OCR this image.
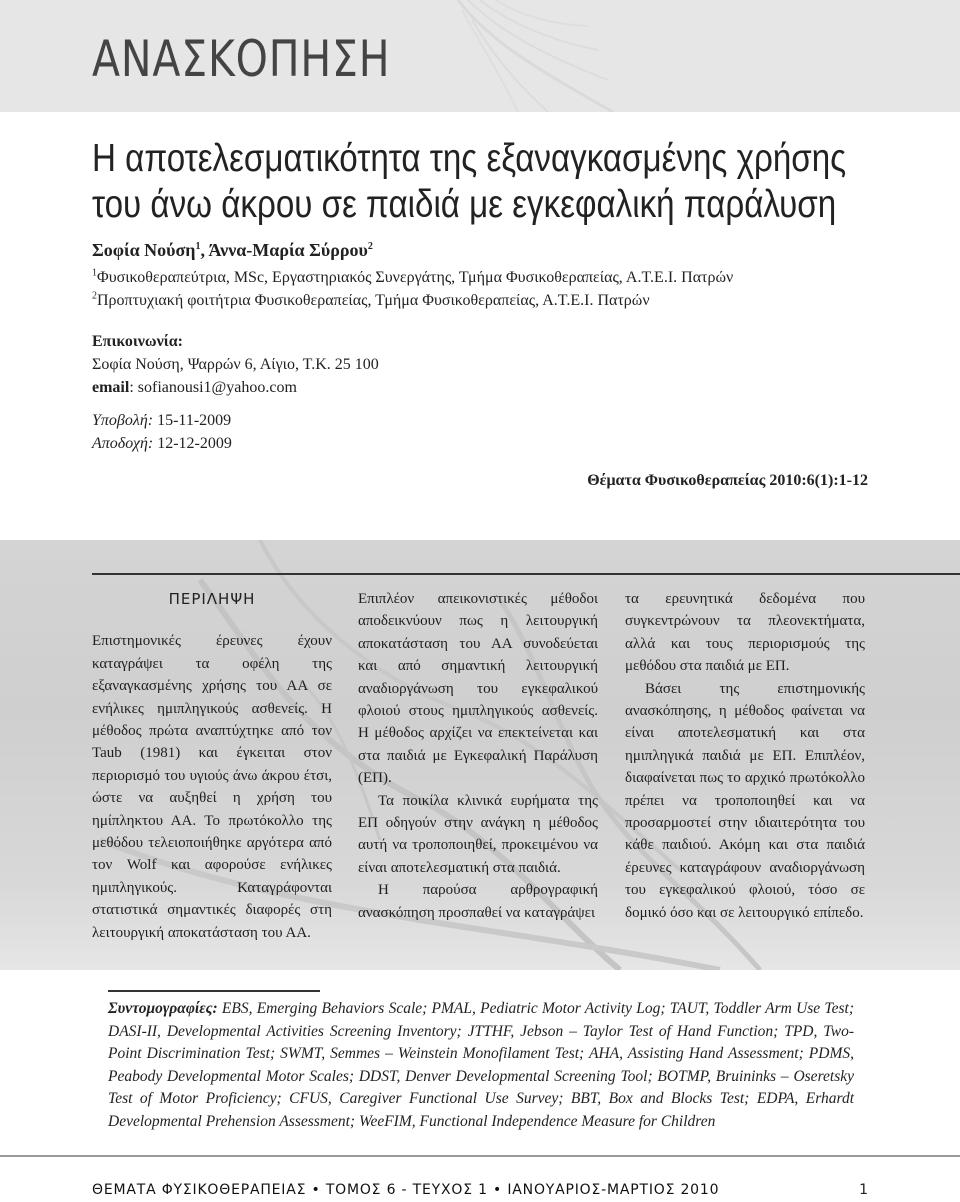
ΑΝΑΣΚΟΠΗΣΗ
Η αποτελεσματικότητα της εξαναγκασμένης χρήσης
του άνω άκρου σε παιδιά με εγκεφαλική παράλυση
Σοφία Νούση$^1$, Άννα-Μαρία Σύρρου$^2$
$^1$Φυσικοθεραπεύτρια, MSc, Εργαστηριακός Συνεργάτης, Τμήμα Φυσικοθεραπείας, Α.Τ.Ε.Ι. Πατρών
$^2$Προπτυχιακή φοιτήτρια Φυσικοθεραπείας, Τμήμα Φυσικοθεραπείας, Α.Τ.Ε.Ι. Πατρών
Επικοινωνία:
Σοφία Νούση, Ψαρρών 6, Αίγιο, Τ.Κ. 25 100
email: sofianousi1@yahoo.com
Υποβολή: 15-11-2009
Αποδοχή: 12-12-2009
Θέματα Φυσικοθεραπείας 2010:6(1):1-12
ΠΕΡΙΛΗΨΗ

Επιστημονικές έρευνες έχουν καταγράψει τα οφέλη της εξαναγκασμένης χρήσης του ΑΑ σε ενήλικες ημιπληγικούς ασθενείς. Η μέθοδος πρώτα αναπτύχτηκε από τον Taub (1981) και έγκειται στον περιορισμό του υγιούς άνω άκρου έτσι, ώστε να αυξηθεί η χρήση του ημίπληκτου ΑΑ. Το πρωτόκολλο της μεθόδου τελειοποιήθηκε αργότερα από τον Wolf και αφορούσε ενήλικες ημιπληγικούς. Καταγράφονται στατιστικά σημαντικές διαφορές στη λειτουργική αποκατάσταση του ΑΑ.

Επιπλέον απεικονιστικές μέθοδοι αποδεικνύουν πως η λειτουργική αποκατάσταση του ΑΑ συνοδεύεται και από σημαντική λειτουργική αναδιοργάνωση του εγκεφαλικού φλοιού στους ημιπληγικούς ασθενείς. Η μέθοδος αρχίζει να επεκτείνεται και στα παιδιά με Εγκεφαλική Παράλυση (ΕΠ).

Τα ποικίλα κλινικά ευρήματα της ΕΠ οδηγούν στην ανάγκη η μέθοδος αυτή να τροποποιηθεί, προκειμένου να είναι αποτελεσματική στα παιδιά.

Η παρούσα αρθρογραφική ανασκόπηση προσπαθεί να καταγράψει

τα ερευνητικά δεδομένα που συγκεντρώνουν τα πλεονεκτήματα, αλλά και τους περιορισμούς της μεθόδου στα παιδιά με ΕΠ.

Βάσει της επιστημονικής ανασκόπησης, η μέθοδος φαίνεται να είναι αποτελεσματική και στα ημιπληγικά παιδιά με ΕΠ. Επιπλέον, διαφαίνεται πως το αρχικό πρωτόκολλο πρέπει να τροποποιηθεί και να προσαρμοστεί στην ιδιαιτερότητα του κάθε παιδιού. Ακόμη και στα παιδιά έρευνες καταγράφουν αναδιοργάνωση του εγκεφαλικού φλοιού, τόσο σε δομικό όσο και σε λειτουργικό επίπεδο.

Συντομογραφίες: EBS, Emerging Behaviors Scale; PMAL, Pediatric Motor Activity Log; TAUT, Toddler Arm Use Test; DASI-II, Developmental Activities Screening Inventory; JTTHF, Jebson – Taylor Test of Hand Function; TPD, Two-Point Discrimination Test; SWMT, Semmes – Weinstein Monofilament Test; AHA, Assisting Hand Assessment; PDMS, Peabody Developmental Motor Scales; DDST, Denver Developmental Screening Tool; BOTMP, Bruininks – Oseretsky Test of Motor Proficiency; CFUS, Caregiver Functional Use Survey; BBT, Box and Blocks Test; EDPA, Erhardt Developmental Prehension Assessment; WeeFIM, Functional Independence Measure for Children

ΘΕΜΑΤΑ ΦΥΣΙΚΟΘΕΡΑΠΕΙΑΣ • ΤΟΜΟΣ 6 - ΤΕΥΧΟΣ 1 • ΙΑΝΟΥΑΡΙΟΣ-ΜΑΡΤΙΟΣ 2010	1
